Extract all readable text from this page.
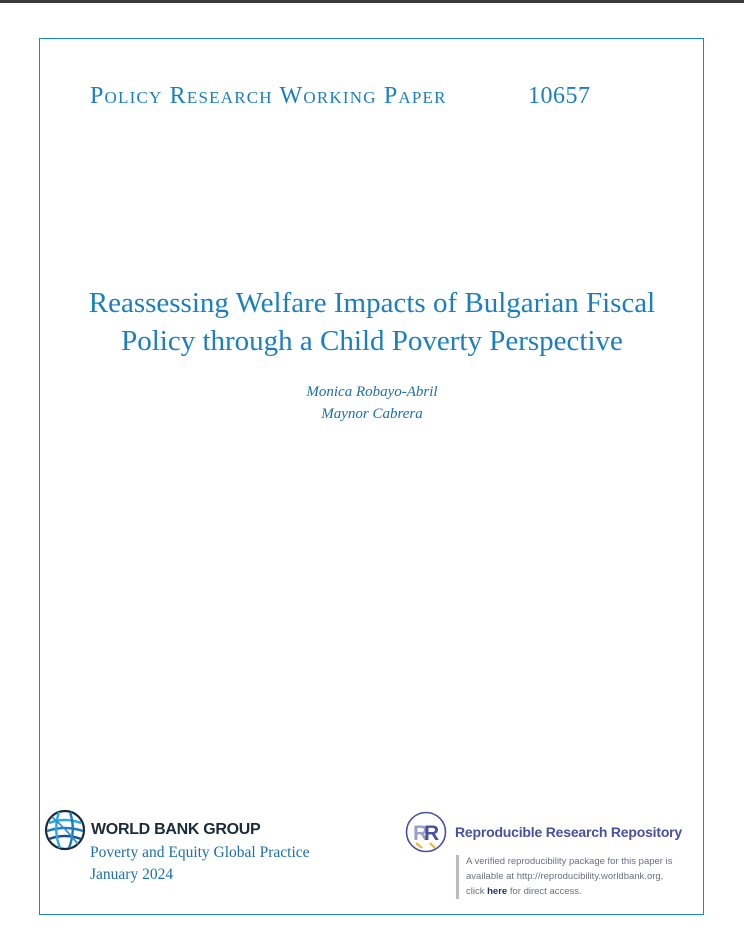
Policy Research Working Paper	10657
Reassessing Welfare Impacts of Bulgarian Fiscal
Policy through a Child Poverty Perspective
Monica Robayo-Abril
Maynor Cabrera
WORLD BANK GROUP
Poverty and Equity Global Practice
January 2024
R
R Reproducible Research Repository
A verified reproducibility package for this paper is
available at http://reproducibility.worldbank.org,
click here for direct access.
